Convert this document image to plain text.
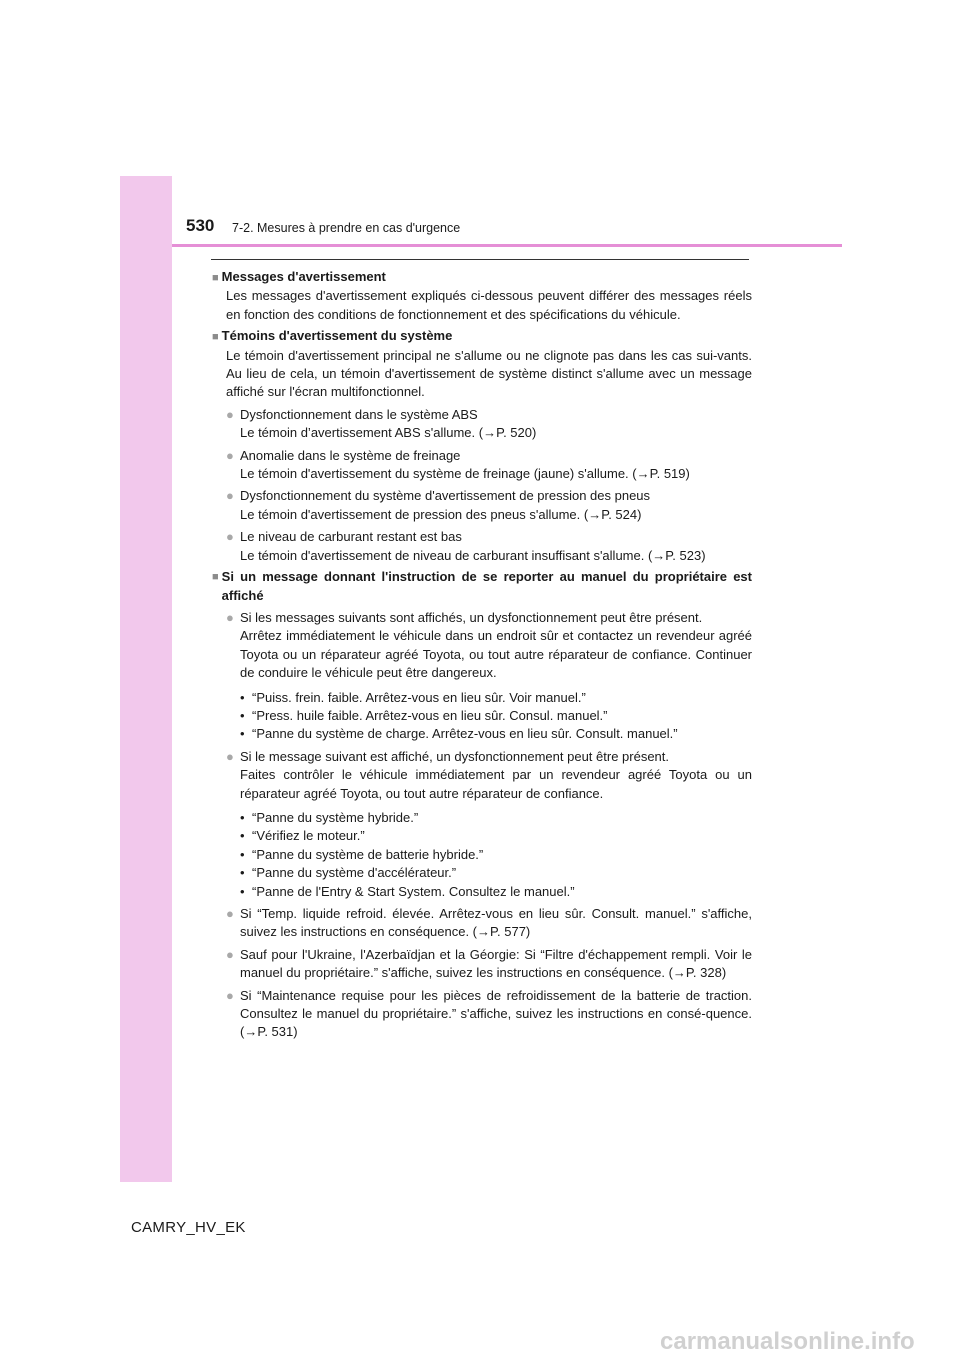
530 7-2. Mesures à prendre en cas d'urgence
■ Messages d'avertissement
Les messages d'avertissement expliqués ci-dessous peuvent différer des messages réels en fonction des conditions de fonctionnement et des spécifications du véhicule.
■ Témoins d'avertissement du système
Le témoin d'avertissement principal ne s'allume ou ne clignote pas dans les cas sui-vants. Au lieu de cela, un témoin d'avertissement de système distinct s'allume avec un message affiché sur l'écran multifonctionnel.
● Dysfonctionnement dans le système ABS
Le témoin d’avertissement ABS s'allume. (→P. 520)
● Anomalie dans le système de freinage
Le témoin d'avertissement du système de freinage (jaune) s'allume. (→P. 519)
● Dysfonctionnement du système d'avertissement de pression des pneus
Le témoin d'avertissement de pression des pneus s'allume. (→P. 524)
● Le niveau de carburant restant est bas
Le témoin d'avertissement de niveau de carburant insuffisant s'allume. (→P. 523)
■ Si un message donnant l'instruction de se reporter au manuel du propriétaire est affiché
● Si les messages suivants sont affichés, un dysfonctionnement peut être présent.
Arrêtez immédiatement le véhicule dans un endroit sûr et contactez un revendeur agréé Toyota ou un réparateur agréé Toyota, ou tout autre réparateur de confiance. Continuer de conduire le véhicule peut être dangereux.
• “Puiss. frein. faible. Arrêtez-vous en lieu sûr. Voir manuel.”
• “Press. huile faible. Arrêtez-vous en lieu sûr. Consul. manuel.”
• “Panne du système de charge. Arrêtez-vous en lieu sûr. Consult. manuel.”
● Si le message suivant est affiché, un dysfonctionnement peut être présent.
Faites contrôler le véhicule immédiatement par un revendeur agréé Toyota ou un réparateur agréé Toyota, ou tout autre réparateur de confiance.
• “Panne du système hybride.”
• “Vérifiez le moteur.”
• “Panne du système de batterie hybride.”
• “Panne du système d'accélérateur.”
• “Panne de l'Entry & Start System. Consultez le manuel.”
● Si “Temp. liquide refroid. élevée. Arrêtez-vous en lieu sûr. Consult. manuel.” s'affiche, suivez les instructions en conséquence. (→P. 577)
● Sauf pour l'Ukraine, l'Azerbaïdjan et la Géorgie: Si “Filtre d'échappement rempli. Voir le manuel du propriétaire.” s'affiche, suivez les instructions en conséquence. (→P. 328)
● Si “Maintenance requise pour les pièces de refroidissement de la batterie de traction. Consultez le manuel du propriétaire.” s'affiche, suivez les instructions en consé-quence. (→P. 531)
CAMRY_HV_EK
carmanualsonline.info
